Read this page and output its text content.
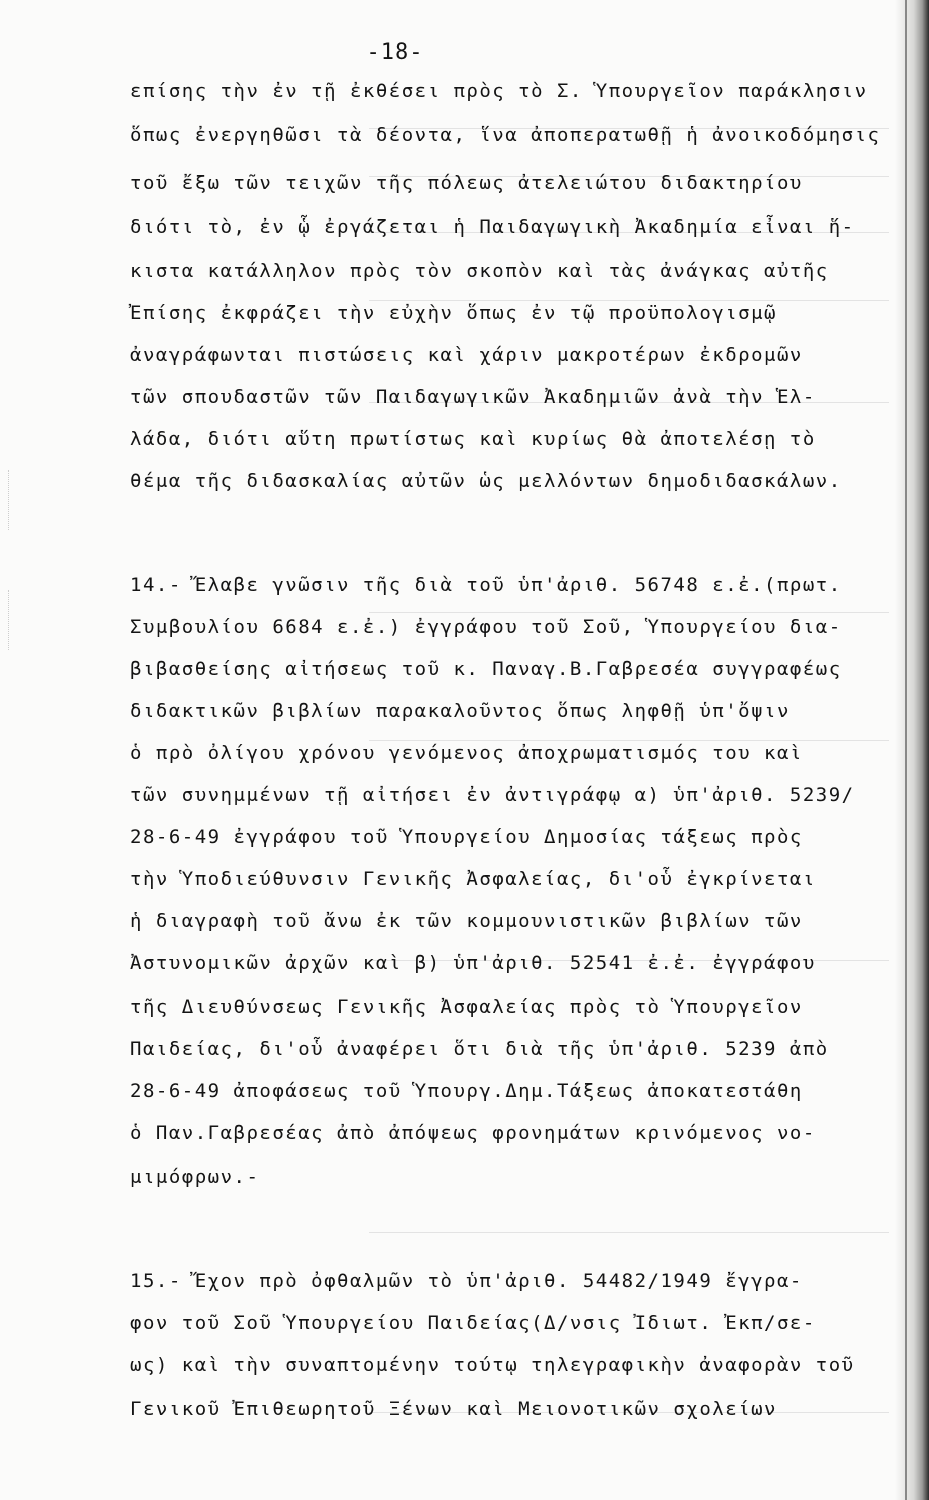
-18-
επίσης τὴν ἐν τῇ ἐκθέσει πρὸς τὸ Σ. Ὑπουργεῖον παράκλησιν
ὅπως ἐνεργηθῶσι τὰ δέοντα, ἵνα ἀποπερατωθῇ ἡ ἀνοικοδόμησις
τοῦ ἔξω τῶν τειχῶν τῆς πόλεως ἀτελειώτου διδακτηρίου
διότι τὸ, ἐν ᾧ ἐργάζεται ἡ Παιδαγωγικὴ Ἀκαδημία εἶναι ἥ-
κιστα κατάλληλον πρὸς τὸν σκοπὸν καὶ τὰς ἀνάγκας αὐτῆς
Ἐπίσης ἐκφράζει τὴν εὐχὴν ὅπως ἐν τῷ προϋπολογισμῷ
ἀναγράφωνται πιστώσεις καὶ χάριν μακροτέρων ἐκδρομῶν
τῶν σπουδαστῶν τῶν Παιδαγωγικῶν Ἀκαδημιῶν ἀνὰ τὴν Ἑλ-
λάδα, διότι αὕτη πρωτίστως καὶ κυρίως θὰ ἀποτελέσῃ τὸ
θέμα τῆς διδασκαλίας αὐτῶν ὡς μελλόντων δημοδιδασκάλων.
14.- Ἔλαβε γνῶσιν τῆς διὰ τοῦ ὑπ'ἀριθ. 56748 ε.ἐ.(πρωτ.
Συμβουλίου 6684 ε.ἐ.) ἐγγράφου τοῦ Σοῦ, Ὑπουργείου δια-
βιβασθείσης αἰτήσεως τοῦ κ. Παναγ.Β.Γαβρεσέα συγγραφέως
διδακτικῶν βιβλίων παρακαλοῦντος ὅπως ληφθῇ ὑπ'ὄψιν
ὁ πρὸ ὀλίγου χρόνου γενόμενος ἀποχρωματισμός του καὶ
τῶν συνημμένων τῇ αἰτήσει ἐν ἀντιγράφῳ α) ὑπ'ἀριθ. 5239/
28-6-49 ἐγγράφου τοῦ Ὑπουργείου Δημοσίας τάξεως πρὸς
τὴν Ὑποδιεύθυνσιν Γενικῆς Ἀσφαλείας, δι'οὗ ἐγκρίνεται
ἡ διαγραφὴ τοῦ ἄνω ἐκ τῶν κομμουνιστικῶν βιβλίων τῶν
Ἀστυνομικῶν ἀρχῶν καὶ β) ὑπ'ἀριθ. 52541 ἐ.ἐ. ἐγγράφου
τῆς Διευθύνσεως Γενικῆς Ἀσφαλείας πρὸς τὸ Ὑπουργεῖον
Παιδείας, δι'οὗ ἀναφέρει ὅτι διὰ τῆς ὑπ'ἀριθ. 5239 ἀπὸ
28-6-49 ἀποφάσεως τοῦ Ὑπουργ.Δημ.Τάξεως ἀποκατεστάθη
ὁ Παν.Γαβρεσέας ἀπὸ ἀπόψεως φρονημάτων κρινόμενος νο-
μιμόφρων.-
15.- Ἔχον πρὸ ὀφθαλμῶν τὸ ὑπ'ἀριθ. 54482/1949 ἔγγρα-
φον τοῦ Σοῦ Ὑπουργείου Παιδείας(Δ/νσις Ἰδιωτ. Ἐκπ/σε-
ως) καὶ τὴν συναπτομένην τούτῳ τηλεγραφικὴν ἀναφορὰν τοῦ
Γενικοῦ Ἐπιθεωρητοῦ Ξένων καὶ Μειονοτικῶν σχολείων
